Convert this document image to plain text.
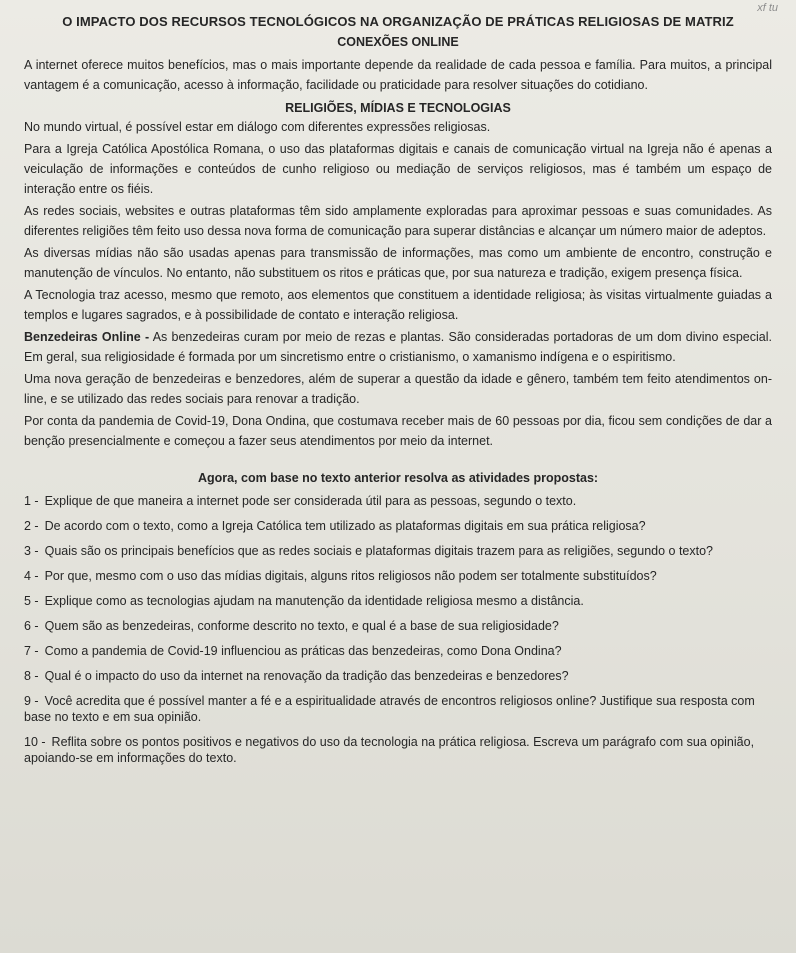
xf tu
O IMPACTO DOS RECURSOS TECNOLÓGICOS NA ORGANIZAÇÃO DE PRÁTICAS RELIGIOSAS DE MATRIZ
CONEXÕES ONLINE

A internet oferece muitos benefícios, mas o mais importante depende da realidade de cada pessoa e família. Para muitos, a principal vantagem é a comunicação, acesso à informação, facilidade ou praticidade para resolver situações do cotidiano.

RELIGIÕES, MÍDIAS E TECNOLOGIAS

No mundo virtual, é possível estar em diálogo com diferentes expressões religiosas.

Para a Igreja Católica Apostólica Romana, o uso das plataformas digitais e canais de comunicação virtual na Igreja não é apenas a veiculação de informações e conteúdos de cunho religioso ou mediação de serviços religiosos, mas é também um espaço de interação entre os fiéis.

As redes sociais, websites e outras plataformas têm sido amplamente exploradas para aproximar pessoas e suas comunidades. As diferentes religiões têm feito uso dessa nova forma de comunicação para superar distâncias e alcançar um número maior de adeptos.

As diversas mídias não são usadas apenas para transmissão de informações, mas como um ambiente de encontro, construção e manutenção de vínculos. No entanto, não substituem os ritos e práticas que, por sua natureza e tradição, exigem presença física.

A Tecnologia traz acesso, mesmo que remoto, aos elementos que constituem a identidade religiosa; às visitas virtualmente guiadas a templos e lugares sagrados, e à possibilidade de contato e interação religiosa.

Benzedeiras Online - As benzedeiras curam por meio de rezas e plantas. São consideradas portadoras de um dom divino especial. Em geral, sua religiosidade é formada por um sincretismo entre o cristianismo, o xamanismo indígena e o espiritismo.

Uma nova geração de benzedeiras e benzedores, além de superar a questão da idade e gênero, também tem feito atendimentos on-line, e se utilizado das redes sociais para renovar a tradição.

Por conta da pandemia de Covid-19, Dona Ondina, que costumava receber mais de 60 pessoas por dia, ficou sem condições de dar a benção presencialmente e começou a fazer seus atendimentos por meio da internet.

Agora, com base no texto anterior resolva as atividades propostas:
1 - Explique de que maneira a internet pode ser considerada útil para as pessoas, segundo o texto.
2 - De acordo com o texto, como a Igreja Católica tem utilizado as plataformas digitais em sua prática religiosa?
3 - Quais são os principais benefícios que as redes sociais e plataformas digitais trazem para as religiões, segundo o texto?
4 - Por que, mesmo com o uso das mídias digitais, alguns ritos religiosos não podem ser totalmente substituídos?
5 - Explique como as tecnologias ajudam na manutenção da identidade religiosa mesmo a distância.
6 - Quem são as benzedeiras, conforme descrito no texto, e qual é a base de sua religiosidade?
7 - Como a pandemia de Covid-19 influenciou as práticas das benzedeiras, como Dona Ondina?
8 - Qual é o impacto do uso da internet na renovação da tradição das benzedeiras e benzedores?
9 - Você acredita que é possível manter a fé e a espiritualidade através de encontros religiosos online? Justifique sua resposta com base no texto e em sua opinião.
10 - Reflita sobre os pontos positivos e negativos do uso da tecnologia na prática religiosa. Escreva um parágrafo com sua opinião, apoiando-se em informações do texto.
